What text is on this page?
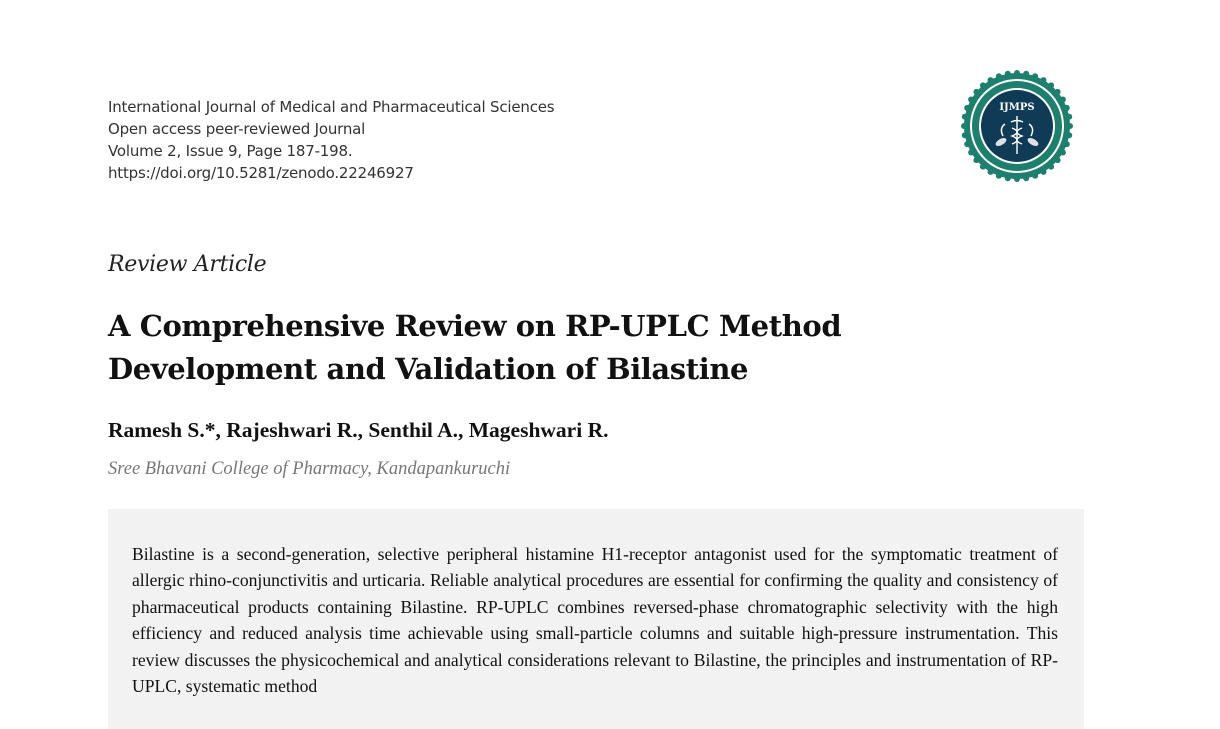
International Journal of Medical and Pharmaceutical Sciences
Open access peer-reviewed Journal
Volume 2, Issue 9, Page 187-198.
https://doi.org/10.5281/zenodo.22246927
IJMPS
Review Article
A Comprehensive Review on RP-UPLC Method Development and Validation of Bilastine
Ramesh S.*, Rajeshwari R., Senthil A., Mageshwari R.
Sree Bhavani College of Pharmacy, Kandapankuruchi

Bilastine is a second-generation, selective peripheral histamine H1-receptor antagonist used for the symptomatic treatment of allergic rhino-conjunctivitis and urticaria. Reliable analytical procedures are essential for confirming the quality and consistency of pharmaceutical products containing Bilastine. RP-UPLC combines reversed-phase chromatographic selectivity with the high efficiency and reduced analysis time achievable using small-particle columns and suitable high-pressure instrumentation. This review discusses the physicochemical and analytical considerations relevant to Bilastine, the principles and instrumentation of RP-UPLC, systematic method
